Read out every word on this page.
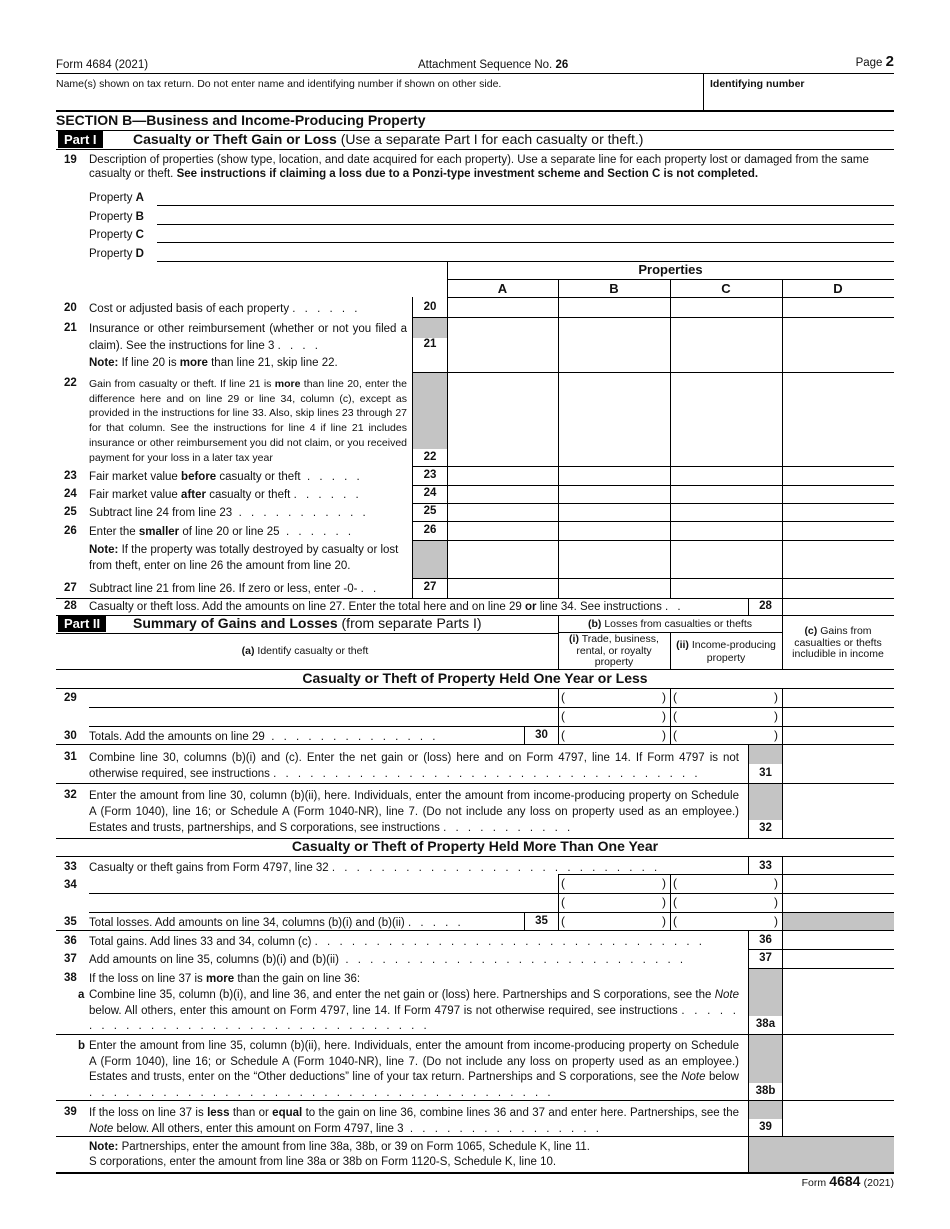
Form 4684 (2021)	Attachment Sequence No. 26	Page 2
Name(s) shown on tax return. Do not enter name and identifying number if shown on other side.	Identifying number
SECTION B—Business and Income-Producing Property
Part I	Casualty or Theft Gain or Loss (Use a separate Part I for each casualty or theft.)
19 Description of properties (show type, location, and date acquired for each property). Use a separate line for each property lost or damaged from the same casualty or theft. See instructions if claiming a loss due to a Ponzi-type investment scheme and Section C is not completed.
Property A
Property B
Property C
Property D
Properties
A	B	C	D
20 Cost or adjusted basis of each property . . . . . .	20
21 Insurance or other reimbursement (whether or not you filed a claim). See the instructions for line 3 . . . .	21
Note: If line 20 is more than line 21, skip line 22.
22 Gain from casualty or theft. If line 21 is more than line 20, enter the difference here and on line 29 or line 34, column (c), except as provided in the instructions for line 33. Also, skip lines 23 through 27 for that column. See the instructions for line 4 if line 21 includes insurance or other reimbursement you did not claim, or you received payment for your loss in a later tax year	22
23 Fair market value before casualty or theft . . . . .	23
24 Fair market value after casualty or theft . . . . . .	24
25 Subtract line 24 from line 23 . . . . . . . . . . .	25
26 Enter the smaller of line 20 or line 25 . . . . . .	26
Note: If the property was totally destroyed by casualty or lost from theft, enter on line 26 the amount from line 20.
27 Subtract line 21 from line 26. If zero or less, enter -0- . .	27
28 Casualty or theft loss. Add the amounts on line 27. Enter the total here and on line 29 or line 34. See instructions . .	28
Part II	Summary of Gains and Losses (from separate Parts I)	(b) Losses from casualties or thefts
(a) Identify casualty or theft
(i) Trade, business, rental, or royalty property
(ii) Income-producing property
(c) Gains from casualties or thefts includible in income
Casualty or Theft of Property Held One Year or Less
29	(	) (	)
(	) (	)
30 Totals. Add the amounts on line 29 . . . . . . . . . . . . . .	30	(	) (	)
31 Combine line 30, columns (b)(i) and (c). Enter the net gain or (loss) here and on Form 4797, line 14. If Form 4797 is not otherwise required, see instructions . . . . . . . . . . . . . . . . . . . . . . . . . . . . . . . . . . .	31
32 Enter the amount from line 30, column (b)(ii), here. Individuals, enter the amount from income-producing property on Schedule A (Form 1040), line 16; or Schedule A (Form 1040-NR), line 7. (Do not include any loss on property used as an employee.) Estates and trusts, partnerships, and S corporations, see instructions . . . . . . . . . . .	32
Casualty or Theft of Property Held More Than One Year
33 Casualty or theft gains from Form 4797, line 32 . . . . . . . . . . . . . . . . . . . . . . . . . . .	33
34	(	) (	)
(	) (	)
35 Total losses. Add amounts on line 34, columns (b)(i) and (b)(ii) . . . . .	35	(	) (	)
36 Total gains. Add lines 33 and 34, column (c) . . . . . . . . . . . . . . . . . . . . . . . . . . . . . . . .	36
37 Add amounts on line 35, columns (b)(i) and (b)(ii) . . . . . . . . . . . . . . . . . . . . . . . . . . . .	37
38 If the loss on line 37 is more than the gain on line 36:
a Combine line 35, column (b)(i), and line 36, and enter the net gain or (loss) here. Partnerships and S corporations, see the Note below. All others, enter this amount on Form 4797, line 14. If Form 4797 is not otherwise required, see instructions . . . . . . . . . . . . . . . . . . . . . . . . . . . . . . . . .	38a
b Enter the amount from line 35, column (b)(ii), here. Individuals, enter the amount from income-producing property on Schedule A (Form 1040), line 16; or Schedule A (Form 1040-NR), line 7. (Do not include any loss on property used as an employee.) Estates and trusts, enter on the “Other deductions” line of your tax return. Partnerships and S corporations, see the Note below . . . . . . . . . . . . . . . . . . . . . . . . . . . . . . . . . . . . . .	38b
39 If the loss on line 37 is less than or equal to the gain on line 36, combine lines 36 and 37 and enter here. Partnerships, see the Note below. All others, enter this amount on Form 4797, line 3 . . . . . . . . . . . . . . . .	39
Note: Partnerships, enter the amount from line 38a, 38b, or 39 on Form 1065, Schedule K, line 11.
S corporations, enter the amount from line 38a or 38b on Form 1120-S, Schedule K, line 10.
Form 4684 (2021)
